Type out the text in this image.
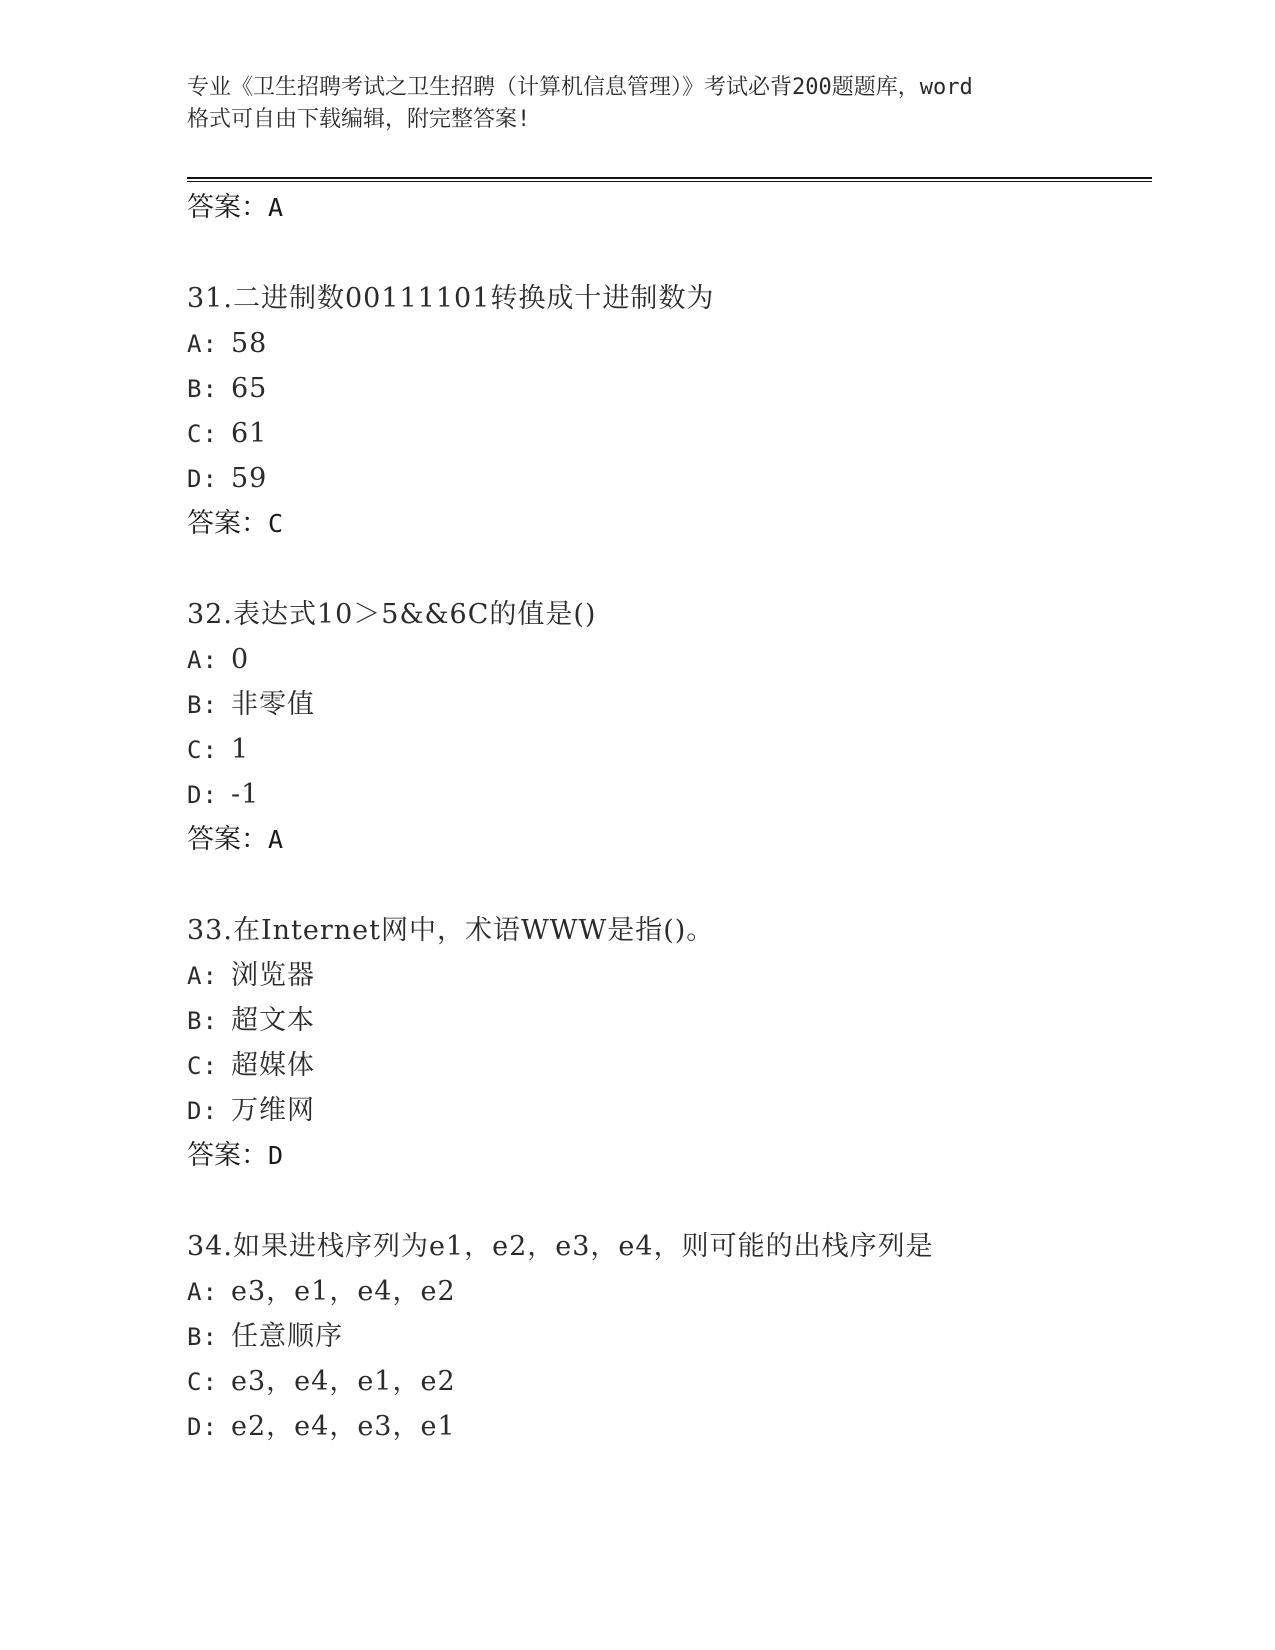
专业《卫生招聘考试之卫生招聘（计算机信息管理）》考试必背200题题库，word
格式可自由下载编辑，附完整答案!
答案：A
31.二进制数00111101转换成十进制数为
A: 58
B: 65
C: 61
D: 59
答案：C
32.表达式10＞5&&6C的值是()
A: 0
B: 非零值
C: 1
D: -1
答案：A
33.在Internet网中，术语WWW是指()。
A: 浏览器
B: 超文本
C: 超媒体
D: 万维网
答案：D
34.如果进栈序列为e1，e2，e3，e4，则可能的出栈序列是
A: e3，e1，e4，e2
B: 任意顺序
C: e3，e4，e1，e2
D: e2，e4，e3，e1
